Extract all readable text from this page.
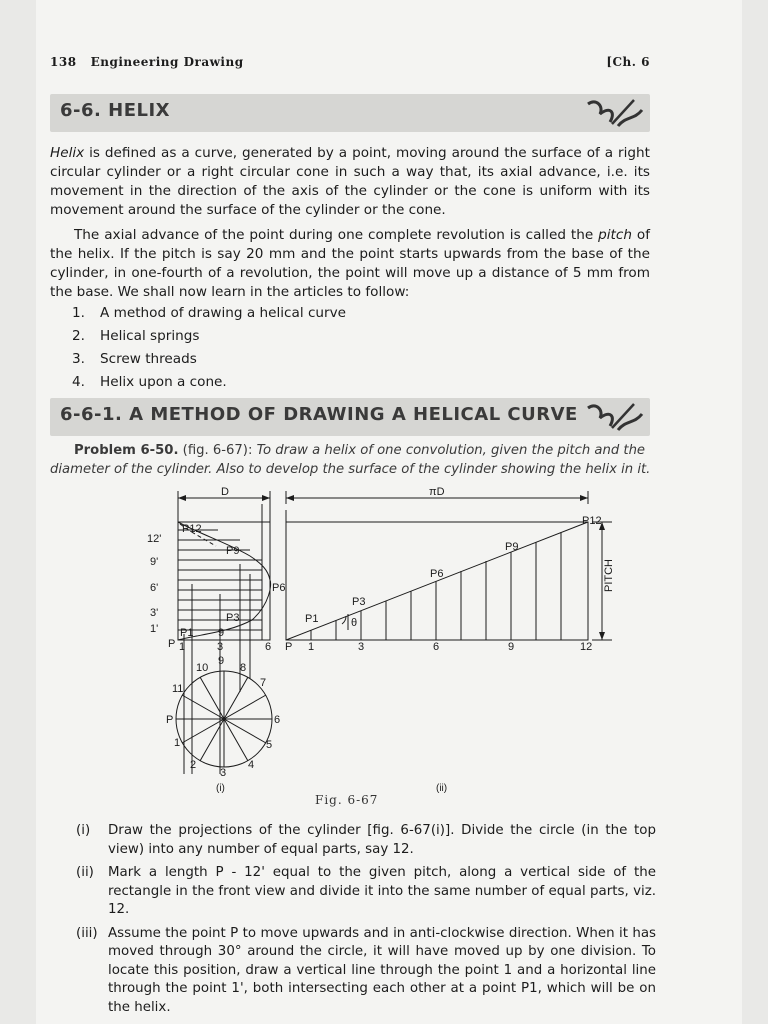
138 Engineering Drawing	[Ch. 6
6-6. HELIX

Helix is defined as a curve, generated by a point, moving around the surface of a right circular cylinder or a right circular cone in such a way that, its axial advance, i.e. its movement in the direction of the axis of the cylinder or the cone is uniform with its movement around the surface of the cylinder or the cone.

The axial advance of the point during one complete revolution is called the pitch of the helix. If the pitch is say 20 mm and the point starts upwards from the base of the cylinder, in one-fourth of a revolution, the point will move up a distance of 5 mm from the base. We shall now learn in the articles to follow:

1.	A method of drawing a helical curve
2.	Helical springs
3.	Screw threads
4.	Helix upon a cone.
6-6-1. A METHOD OF DRAWING A HELICAL CURVE
Problem 6-50. (fig. 6-67): To draw a helix of one convolution, given the pitch and the diameter of the cylinder. Also to develop the surface of the cylinder showing the helix in it.
D	πD
PITCH
12'
9'
6'
3'
1'
P
P12
P9
P6
P3
P1 9
1	3	6 P 1	3	6	9	12
P1
P3
P6
P9
P12
θ
P
1
2
3
4
5
6
7
8
9
10
11
(i)	(ii)
Fig. 6-67
(i)	Draw the projections of the cylinder [fig. 6-67(i)]. Divide the circle (in the top view) into any number of equal parts, say 12.
(ii)	Mark a length P - 12' equal to the given pitch, along a vertical side of the rectangle in the front view and divide it into the same number of equal parts, viz. 12.
(iii) Assume the point P to move upwards and in anti-clockwise direction. When it has moved through 30° around the circle, it will have moved up by one division. To locate this position, draw a vertical line through the point 1 and a horizontal line through the point 1', both intersecting each other at a point P1, which will be on the helix.
